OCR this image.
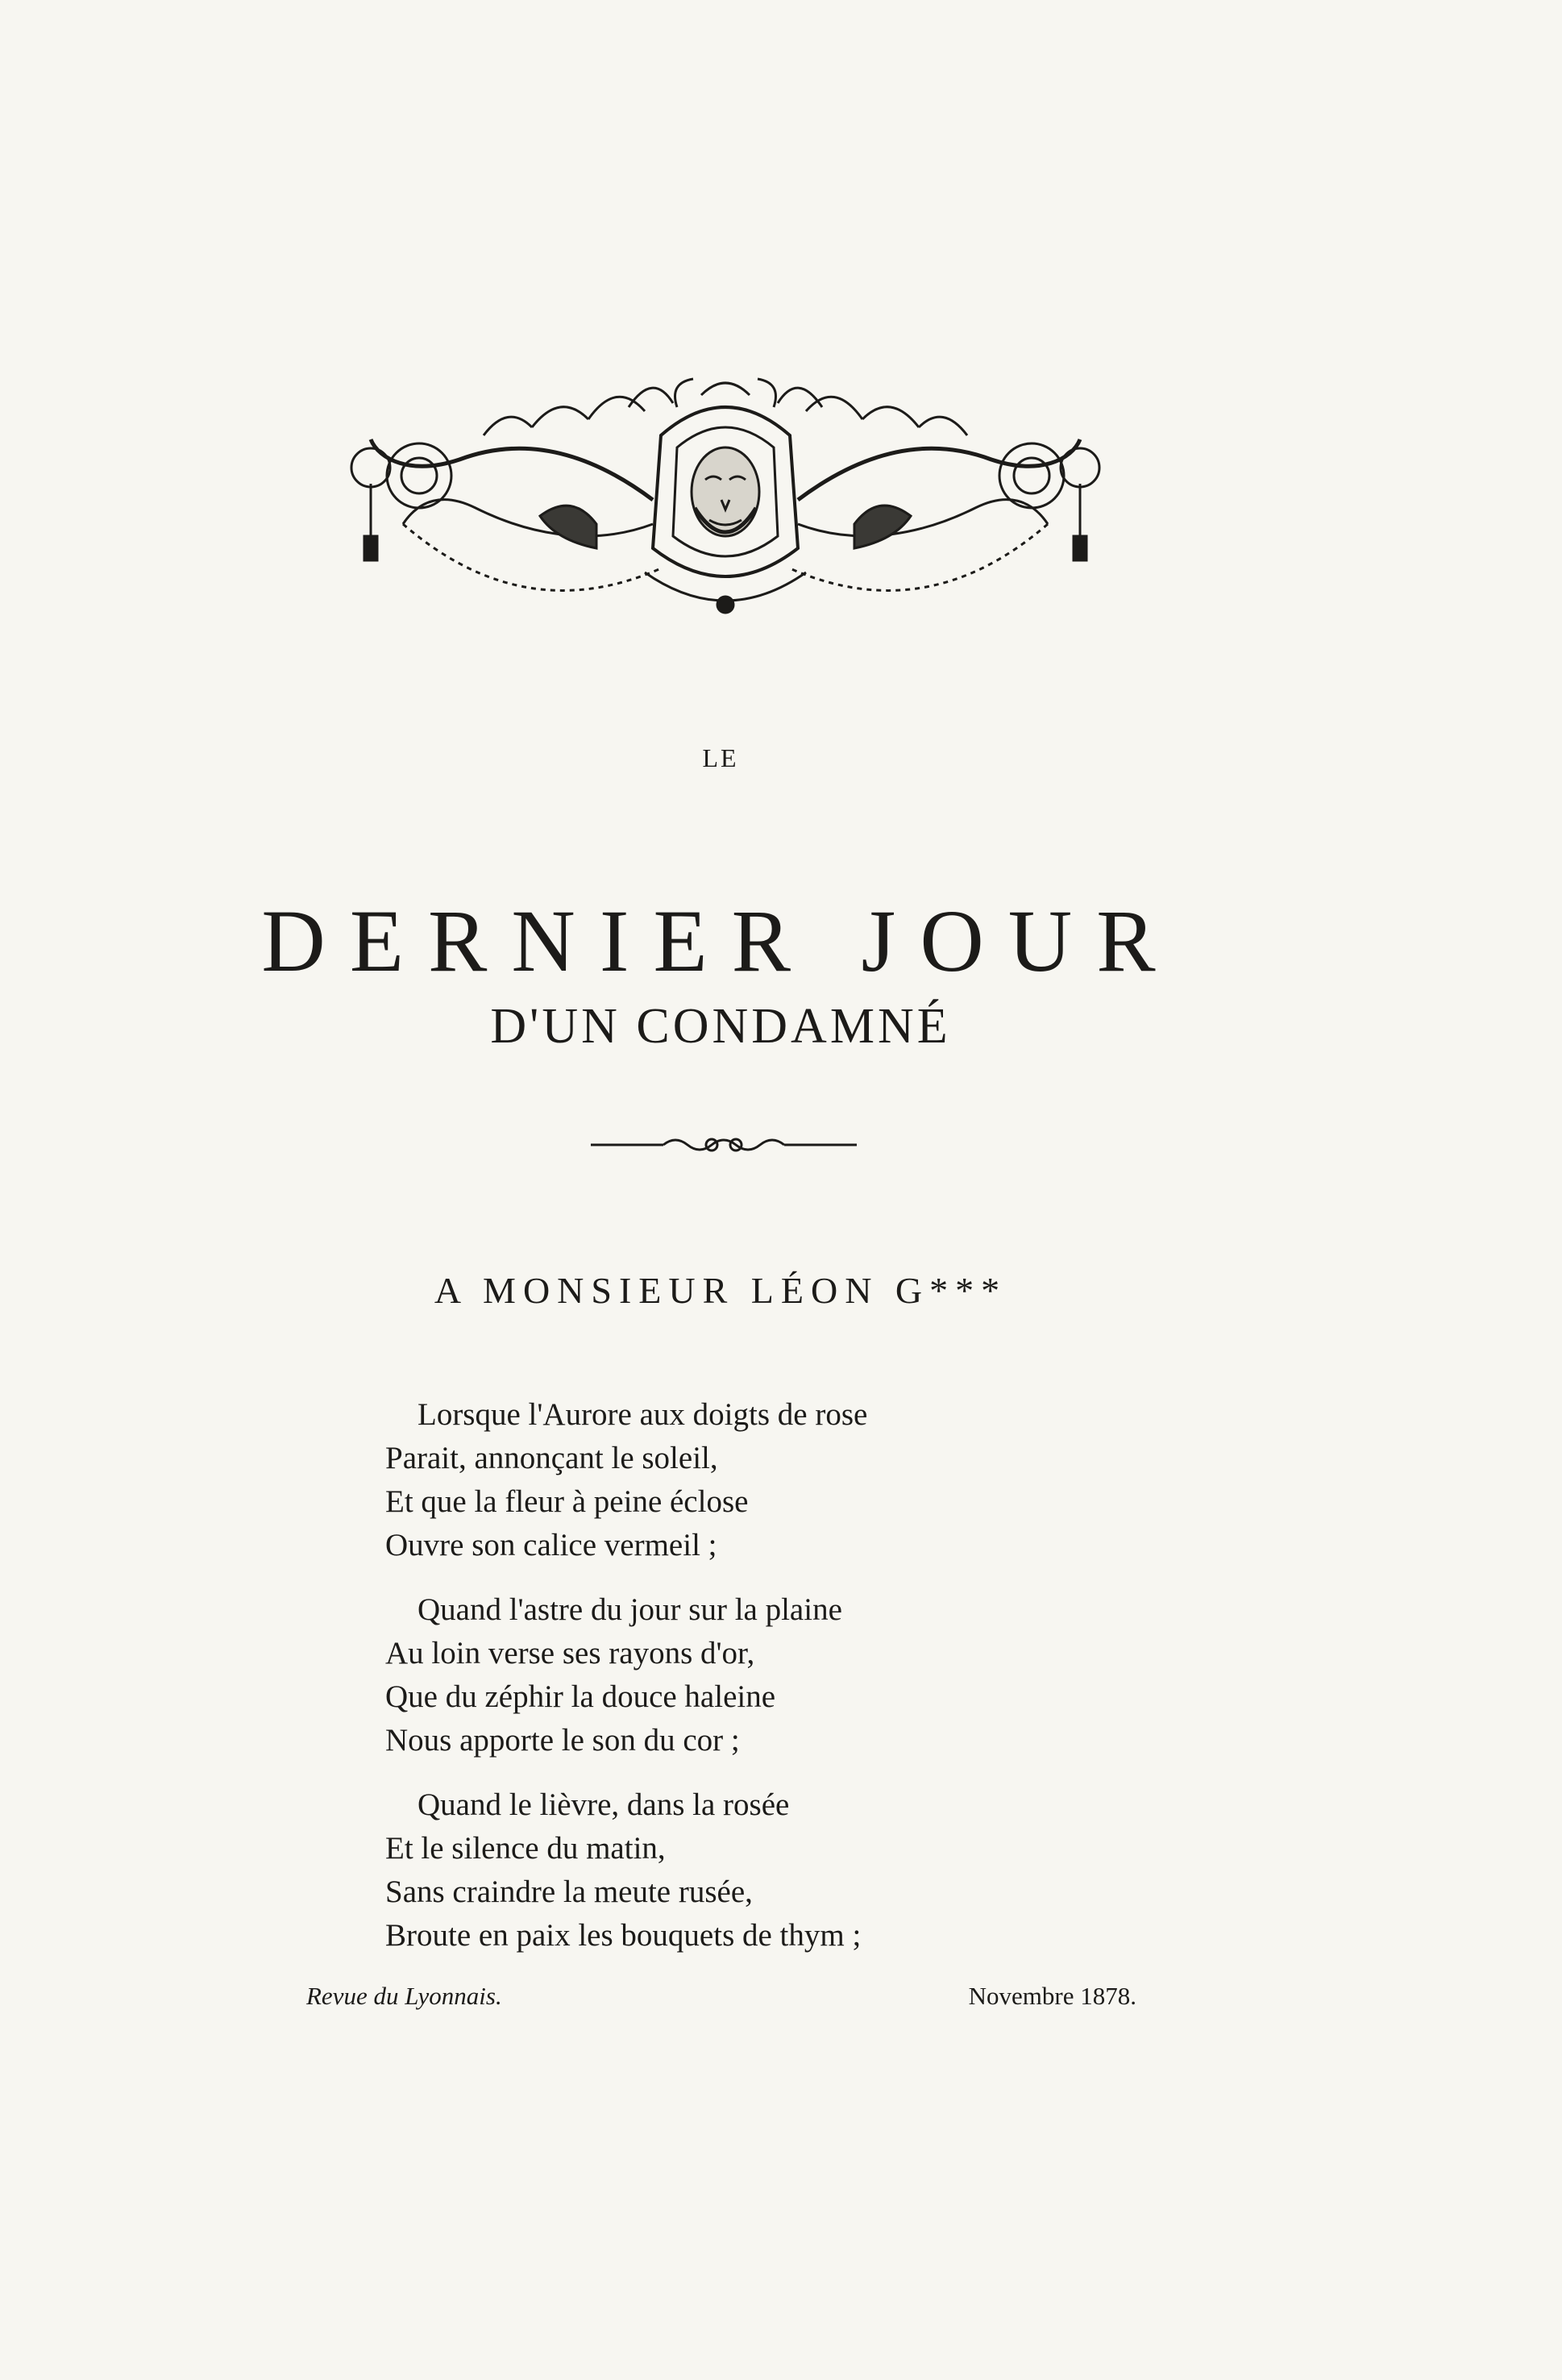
LE
DERNIER JOUR
D'UN CONDAMNÉ
A MONSIEUR LÉON G***
Lorsque l'Aurore aux doigts de rose
Parait, annonçant le soleil,
Et que la fleur à peine éclose
Ouvre son calice vermeil ;
Quand l'astre du jour sur la plaine
Au loin verse ses rayons d'or,
Que du zéphir la douce haleine
Nous apporte le son du cor ;
Quand le lièvre, dans la rosée
Et le silence du matin,
Sans craindre la meute rusée,
Broute en paix les bouquets de thym ;
Revue du Lyonnais.	Novembre 1878.
